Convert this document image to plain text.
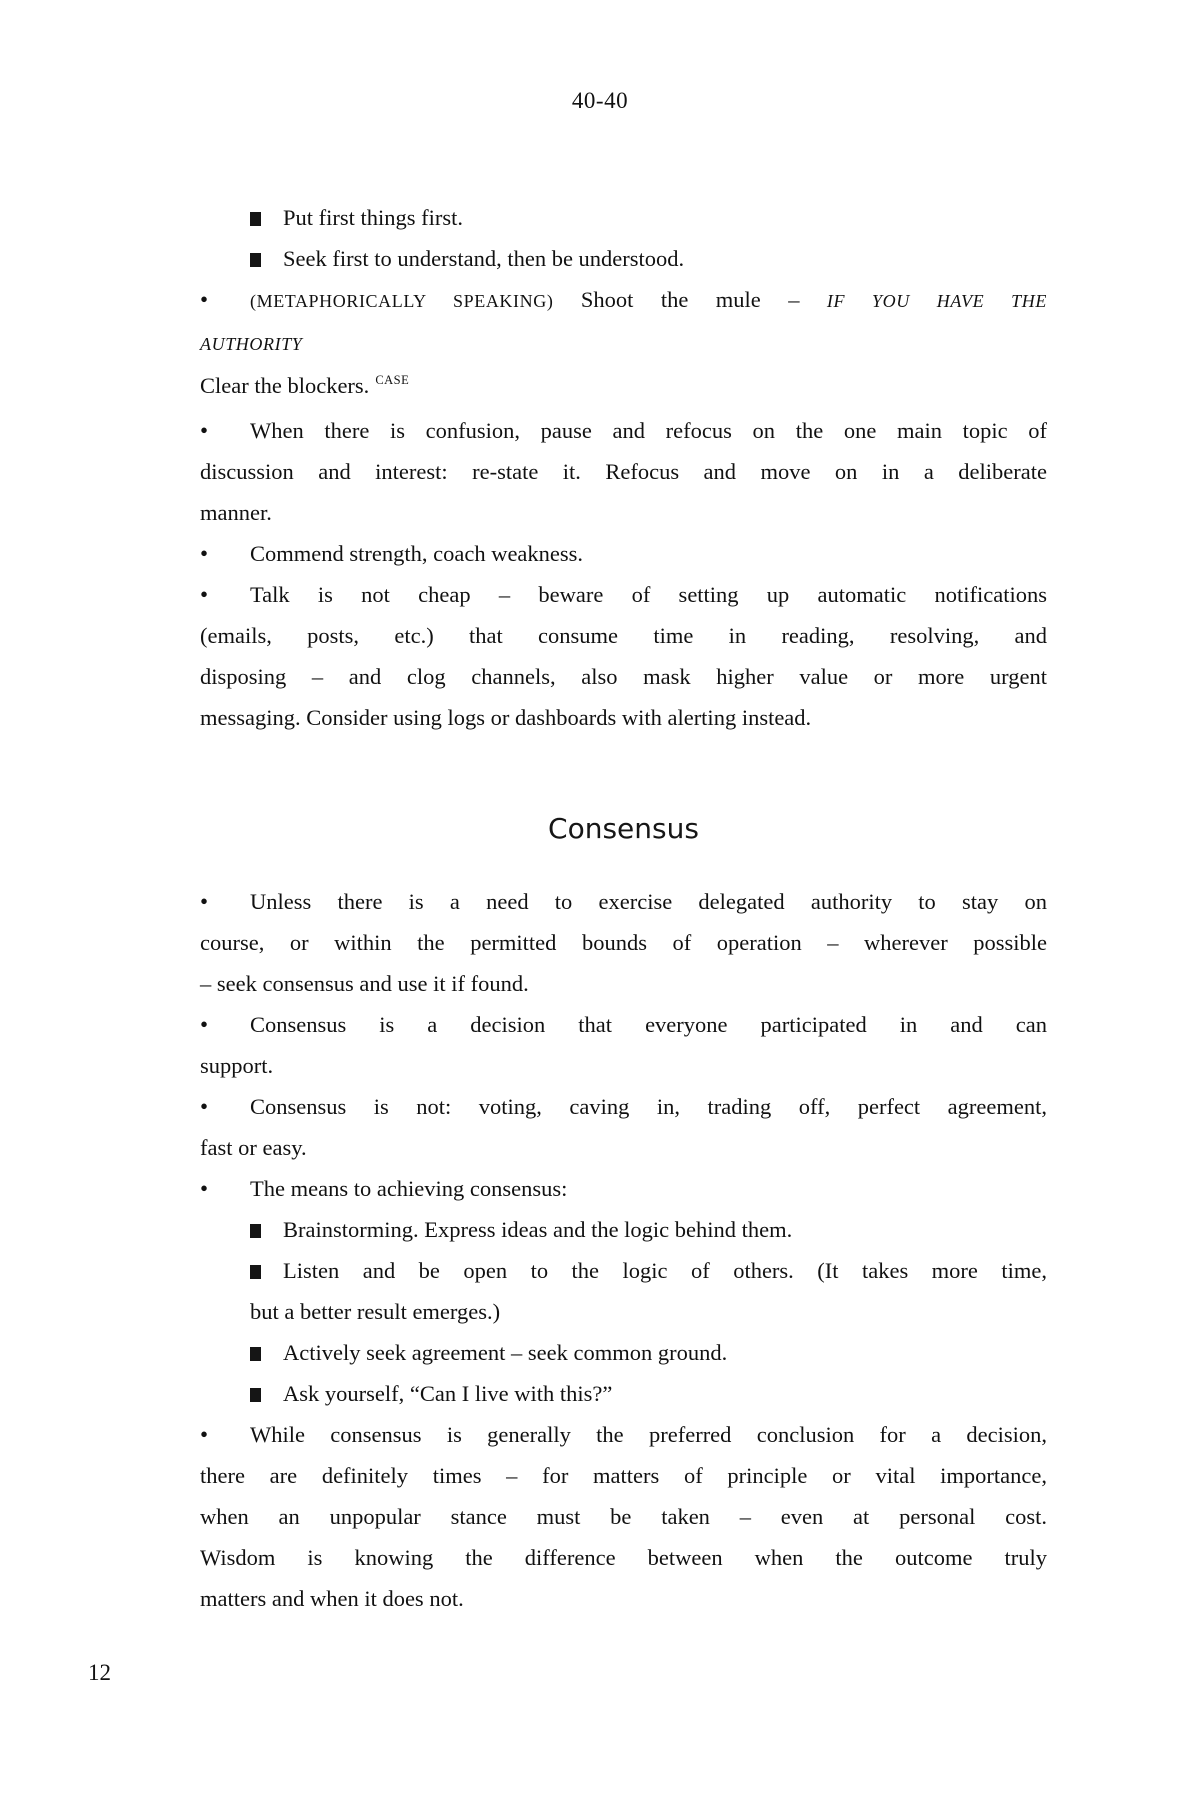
40-40
Put first things first.
Seek first to understand, then be understood.
• (METAPHORICALLY SPEAKING) Shoot the mule – IF YOU HAVE THE
AUTHORITY
Clear the blockers. $^{CASE}$
• When there is confusion, pause and refocus on the one main topic of
discussion and interest: re-state it. Refocus and move on in a deliberate
manner.
• Commend strength, coach weakness.
• Talk is not cheap – beware of setting up automatic notifications
(emails, posts, etc.) that consume time in reading, resolving, and
disposing – and clog channels, also mask higher value or more urgent
messaging. Consider using logs or dashboards with alerting instead.
Consensus
• Unless there is a need to exercise delegated authority to stay on
course, or within the permitted bounds of operation – wherever possible
– seek consensus and use it if found.
• Consensus is a decision that everyone participated in and can
support.
• Consensus is not: voting, caving in, trading off, perfect agreement,
fast or easy.
• The means to achieving consensus:
Brainstorming. Express ideas and the logic behind them.
Listen and be open to the logic of others. (It takes more time,
but a better result emerges.)
Actively seek agreement – seek common ground.
Ask yourself, “Can I live with this?”
• While consensus is generally the preferred conclusion for a decision,
there are definitely times – for matters of principle or vital importance,
when an unpopular stance must be taken – even at personal cost.
Wisdom is knowing the difference between when the outcome truly
matters and when it does not.
12
